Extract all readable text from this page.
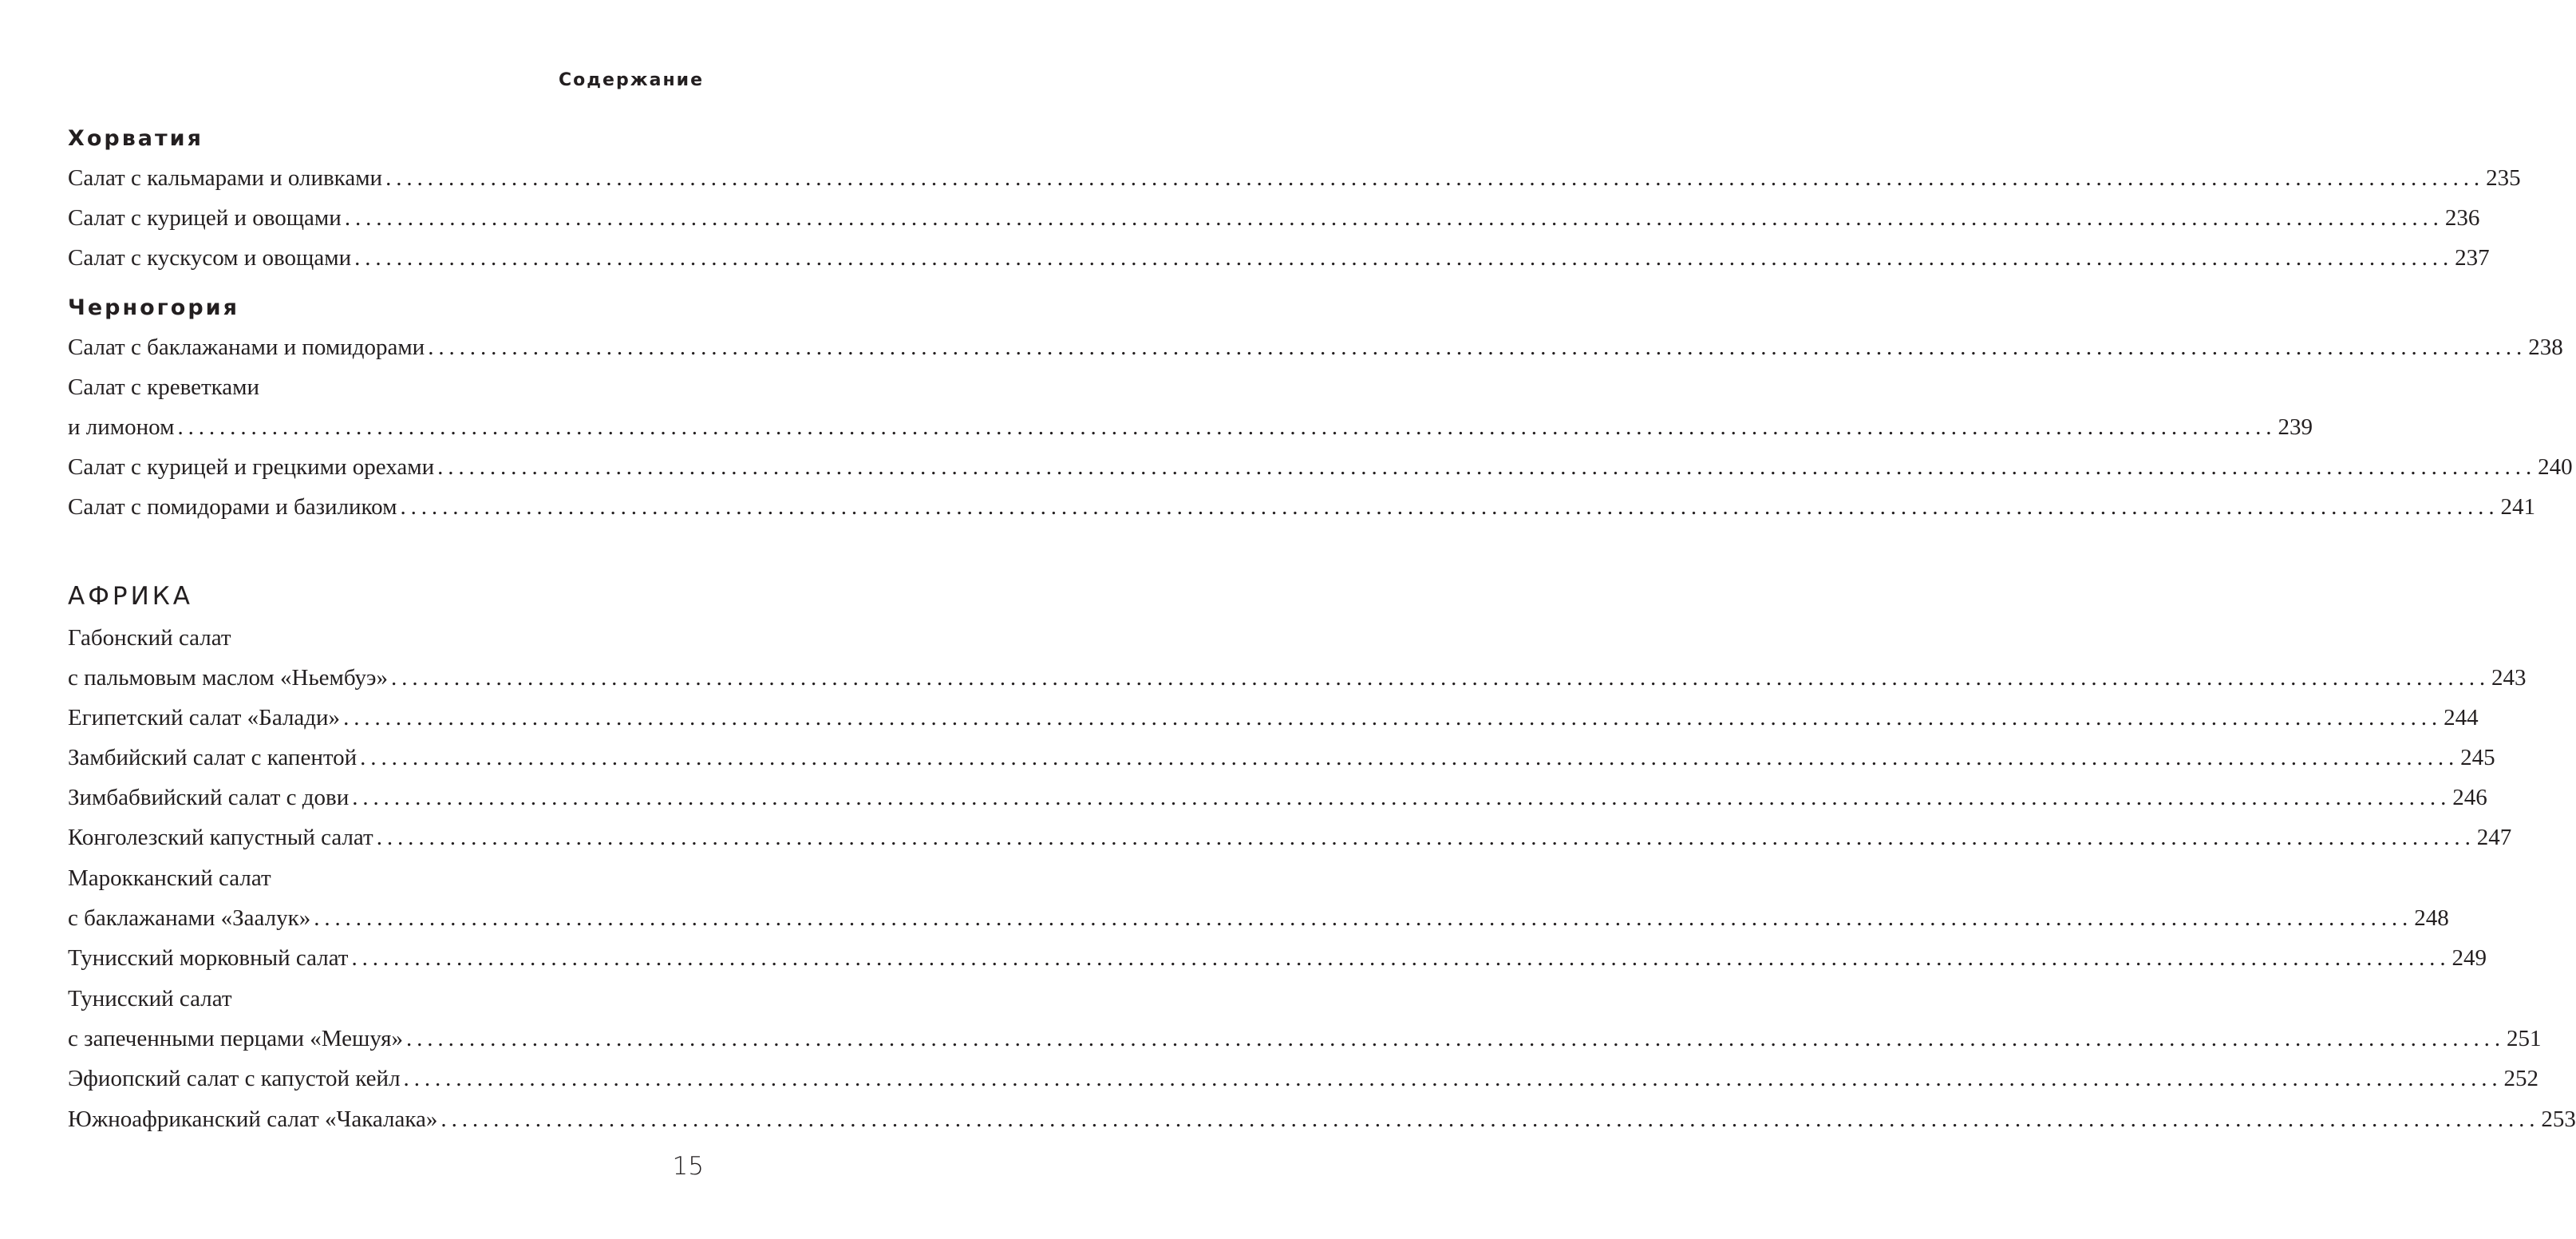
Содержание
Хорватия
Салат с кальмарами и оливками ........................................................................................................................................................................................................ 235
Салат с курицей и овощами ........................................................................................................................................................................................................ 236
Салат с кускусом и овощами ........................................................................................................................................................................................................ 237
Черногория
Салат с баклажанами и помидорами ........................................................................................................................................................................................................ 238
Салат с креветками
и лимоном ........................................................................................................................................................................................................ 239
Салат с курицей и грецкими орехами ........................................................................................................................................................................................................ 240
Салат с помидорами и базиликом ........................................................................................................................................................................................................ 241
АФРИКА
Габонский салат
с пальмовым маслом «Ньембуэ» ........................................................................................................................................................................................................ 243
Египетский салат «Балади» ........................................................................................................................................................................................................ 244
Замбийский салат с капентой ........................................................................................................................................................................................................ 245
Зимбабвийский салат с дови ........................................................................................................................................................................................................ 246
Конголезский капустный салат ........................................................................................................................................................................................................ 247
Марокканский салат
с баклажанами «Заалук» ........................................................................................................................................................................................................ 248
Тунисский морковный салат ........................................................................................................................................................................................................ 249
Тунисский салат
с запеченными перцами «Мешуя» ........................................................................................................................................................................................................ 251
Эфиопский салат с капустой кейл ........................................................................................................................................................................................................ 252
Южноафриканский салат «Чакалака» ........................................................................................................................................................................................................ 253
15
